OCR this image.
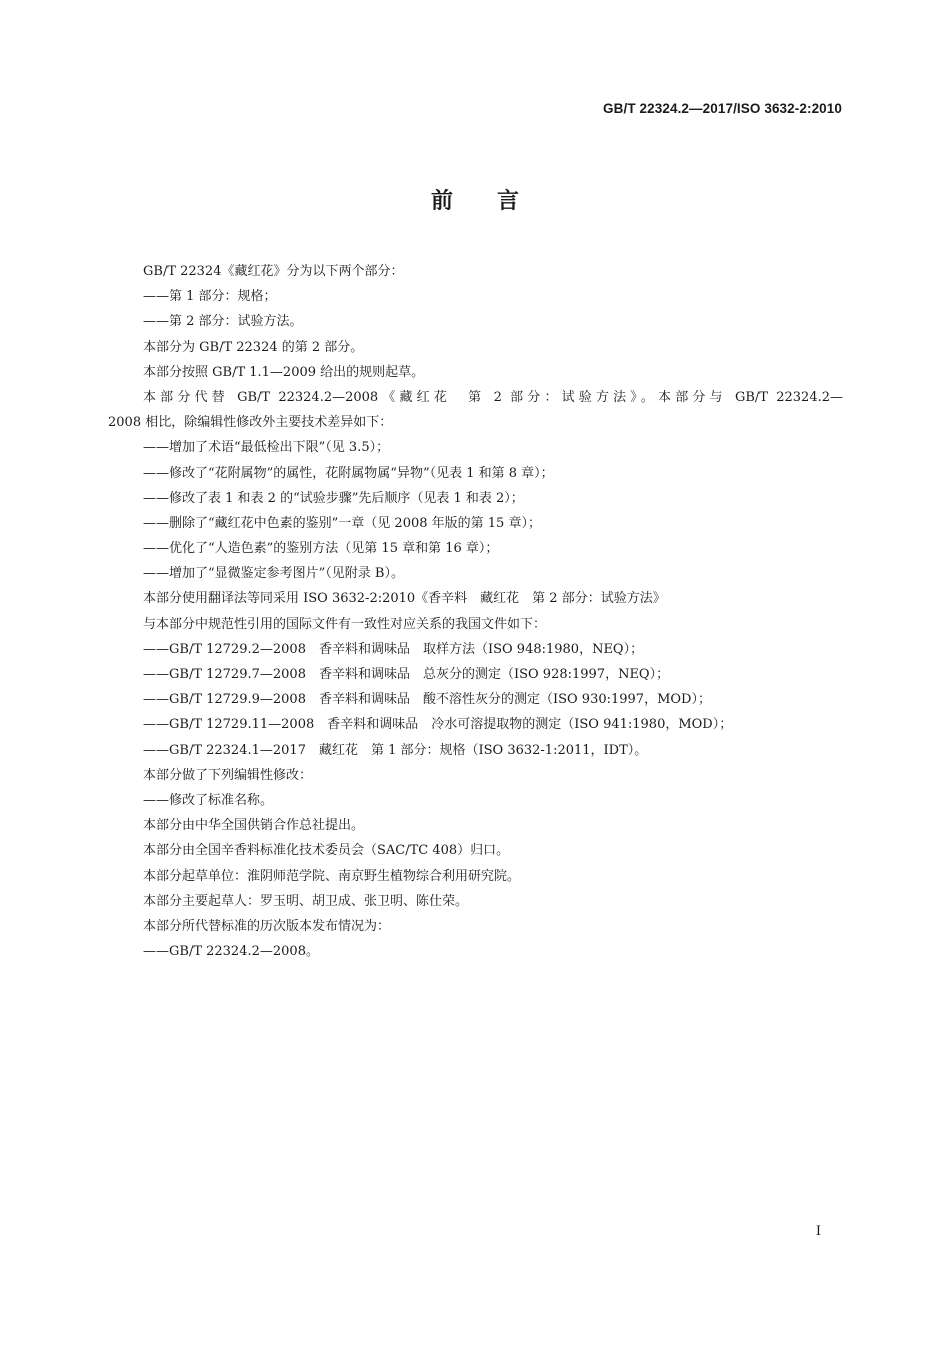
GB/T 22324.2—2017/ISO 3632-2:2010
前言
GB/T 22324《藏红花》分为以下两个部分：
——第 1 部分：规格；
——第 2 部分：试验方法。
本部分为 GB/T 22324 的第 2 部分。
本部分按照 GB/T 1.1—2009 给出的规则起草。
本部分代替 GB/T 22324.2—2008《藏红花　第 2 部分：试验方法》。本部分与 GB/T 22324.2—
2008 相比，除编辑性修改外主要技术差异如下：
——增加了术语“最低检出下限”（见 3.5）；
——修改了“花附属物”的属性，花附属物属“异物”（见表 1 和第 8 章）；
——修改了表 1 和表 2 的“试验步骤”先后顺序（见表 1 和表 2）；
——删除了“藏红花中色素的鉴别”一章（见 2008 年版的第 15 章）；
——优化了“人造色素”的鉴别方法（见第 15 章和第 16 章）；
——增加了“显微鉴定参考图片”（见附录 B）。
本部分使用翻译法等同采用 ISO 3632-2:2010《香辛料　藏红花　第 2 部分：试验方法》
与本部分中规范性引用的国际文件有一致性对应关系的我国文件如下：
——GB/T 12729.2—2008　香辛料和调味品　取样方法（ISO 948:1980，NEQ）；
——GB/T 12729.7—2008　香辛料和调味品　总灰分的测定（ISO 928:1997，NEQ）；
——GB/T 12729.9—2008　香辛料和调味品　酸不溶性灰分的测定（ISO 930:1997，MOD）；
——GB/T 12729.11—2008　香辛料和调味品　冷水可溶提取物的测定（ISO 941:1980，MOD）；
——GB/T 22324.1—2017　藏红花　第 1 部分：规格（ISO 3632-1:2011，IDT）。
本部分做了下列编辑性修改：
——修改了标准名称。
本部分由中华全国供销合作总社提出。
本部分由全国辛香料标准化技术委员会（SAC/TC 408）归口。
本部分起草单位：淮阴师范学院、南京野生植物综合利用研究院。
本部分主要起草人：罗玉明、胡卫成、张卫明、陈仕荣。
本部分所代替标准的历次版本发布情况为：
——GB/T 22324.2—2008。
Ⅰ
